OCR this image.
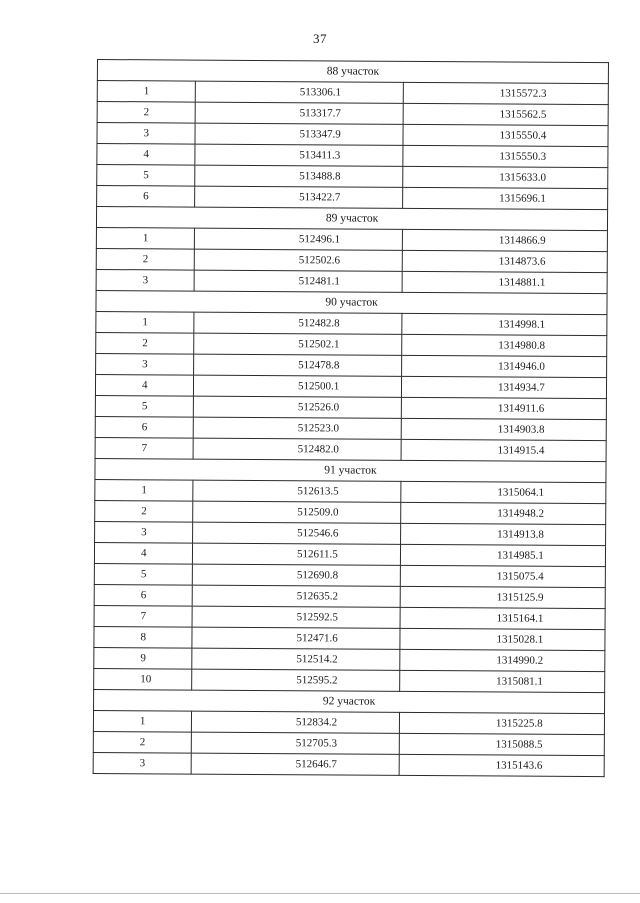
37
88 участок		
1	513306.1	1315572.3
2	513317.7	1315562.5
3	513347.9	1315550.4
4	513411.3	1315550.3
5	513488.8	1315633.0
6	513422.7	1315696.1
89 участок		
1	512496.1	1314866.9
2	512502.6	1314873.6
3	512481.1	1314881.1
90 участок		
1	512482.8	1314998.1
2	512502.1	1314980.8
3	512478.8	1314946.0
4	512500.1	1314934.7
5	512526.0	1314911.6
6	512523.0	1314903.8
7	512482.0	1314915.4
91 участок		
1	512613.5	1315064.1
2	512509.0	1314948.2
3	512546.6	1314913.8
4	512611.5	1314985.1
5	512690.8	1315075.4
6	512635.2	1315125.9
7	512592.5	1315164.1
8	512471.6	1315028.1
9	512514.2	1314990.2
10	512595.2	1315081.1
92 участок		
1	512834.2	1315225.8
2	512705.3	1315088.5
3	512646.7	1315143.6
